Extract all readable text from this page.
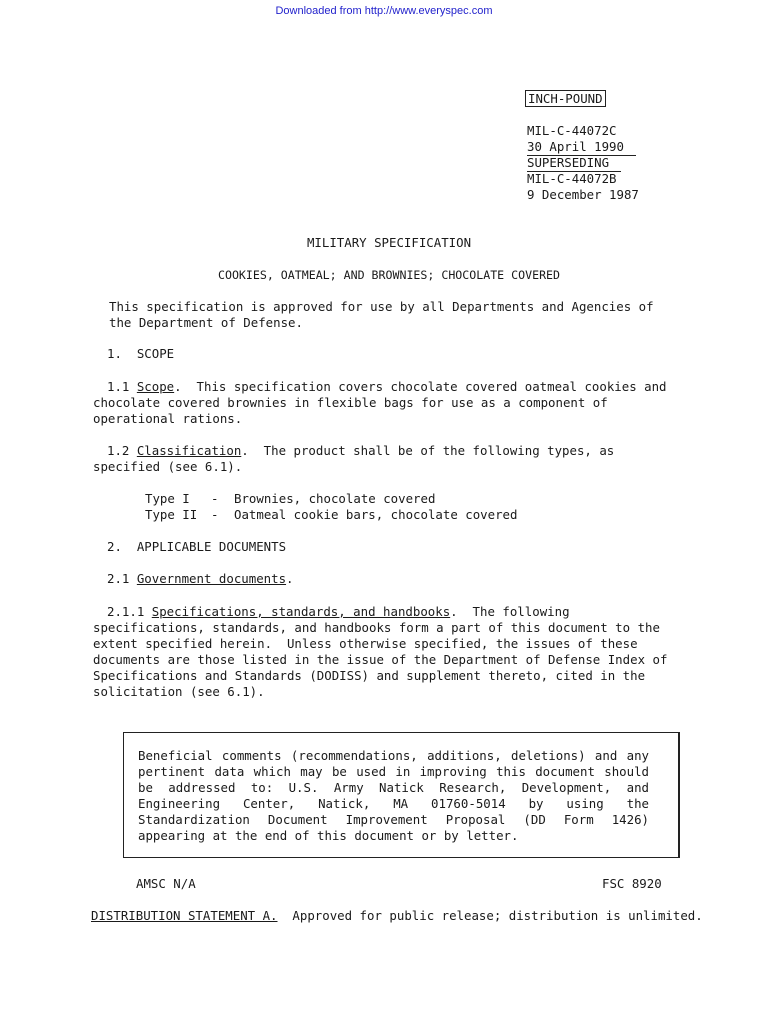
Downloaded from http://www.everyspec.com
INCH-POUND
MIL-C-44072C
30 April 1990
SUPERSEDING
MIL-C-44072B
9 December 1987
MILITARY SPECIFICATION
COOKIES, OATMEAL; AND BROWNIES; CHOCOLATE COVERED
This specification is approved for use by all Departments and Agencies of
the Department of Defense.
1.  SCOPE
1.1 Scope.  This specification covers chocolate covered oatmeal cookies and
chocolate covered brownies in flexible bags for use as a component of
operational rations.
1.2 Classification.  The product shall be of the following types, as
specified (see 6.1).
Type I - Brownies, chocolate covered
Type II - Oatmeal cookie bars, chocolate covered
2.  APPLICABLE DOCUMENTS
2.1 Government documents.
2.1.1 Specifications, standards, and handbooks.  The following
specifications, standards, and handbooks form a part of this document to the
extent specified herein.  Unless otherwise specified, the issues of these
documents are those listed in the issue of the Department of Defense Index of
Specifications and Standards (DODISS) and supplement thereto, cited in the
solicitation (see 6.1).
Beneficial comments (recommendations, additions, deletions) and any pertinent data which may be used in improving this document should be addressed to: U.S. Army Natick Research, Development, and Engineering Center, Natick, MA 01760-5014 by using the Standardization Document Improvement Proposal (DD Form 1426) appearing at the end of this document or by letter.
AMSC N/A	FSC 8920
DISTRIBUTION STATEMENT A.  Approved for public release; distribution is unlimited.
